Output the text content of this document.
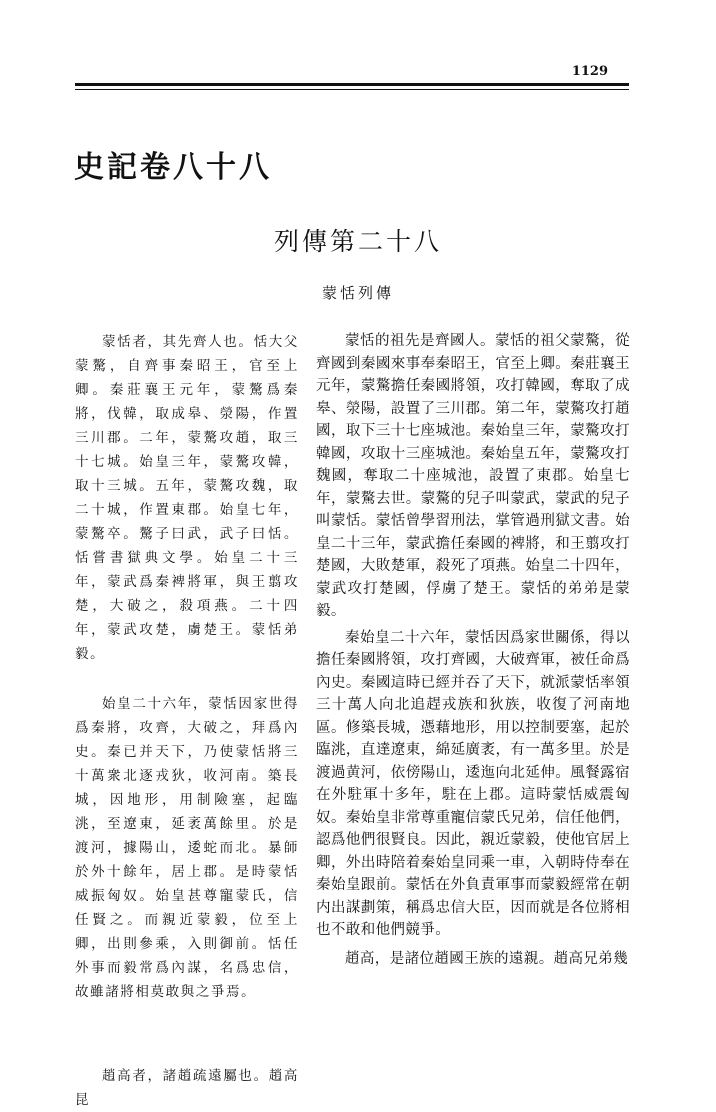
1129
史記卷八十八
列傳第二十八
蒙恬列傳

蒙恬者，其先齊人也。恬大父蒙驁，自齊事秦昭王，官至上卿。秦莊襄王元年，蒙驁爲秦將，伐韓，取成皋、滎陽，作置三川郡。二年，蒙驁攻趙，取三十七城。始皇三年，蒙驁攻韓，取十三城。五年，蒙驁攻魏，取二十城，作置東郡。始皇七年，蒙驁卒。驁子曰武，武子曰恬。恬嘗書獄典文學。始皇二十三年，蒙武爲秦裨將軍，與王翦攻楚，大破之，殺項燕。二十四年，蒙武攻楚，虜楚王。蒙恬弟毅。

始皇二十六年，蒙恬因家世得爲秦將，攻齊，大破之，拜爲內史。秦已并天下，乃使蒙恬將三十萬衆北逐戎狄，收河南。築長城，因地形，用制險塞，起臨洮，至遼東，延袤萬餘里。於是渡河，據陽山，逶蛇而北。暴師於外十餘年，居上郡。是時蒙恬威振匈奴。始皇甚尊寵蒙氏，信任賢之。而親近蒙毅，位至上卿，出則參乘，入則御前。恬任外事而毅常爲內謀，名爲忠信，故雖諸將相莫敢與之爭焉。

趙高者，諸趙疏遠屬也。趙高昆

蒙恬的祖先是齊國人。蒙恬的祖父蒙驁，從齊國到秦國來事奉秦昭王，官至上卿。秦莊襄王元年，蒙驁擔任秦國將領，攻打韓國，奪取了成皋、滎陽，設置了三川郡。第二年，蒙驁攻打趙國，取下三十七座城池。秦始皇三年，蒙驁攻打韓國，攻取十三座城池。秦始皇五年，蒙驁攻打魏國，奪取二十座城池，設置了東郡。始皇七年，蒙驁去世。蒙驁的兒子叫蒙武，蒙武的兒子叫蒙恬。蒙恬曾學習刑法，掌管過刑獄文書。始皇二十三年，蒙武擔任秦國的裨將，和王翦攻打楚國，大敗楚軍，殺死了項燕。始皇二十四年，蒙武攻打楚國，俘虜了楚王。蒙恬的弟弟是蒙毅。

秦始皇二十六年，蒙恬因爲家世關係，得以擔任秦國將領，攻打齊國，大破齊軍，被任命爲內史。秦國這時已經并吞了天下，就派蒙恬率領三十萬人向北追趕戎族和狄族，收復了河南地區。修築長城，憑藉地形，用以控制要塞，起於臨洮，直達遼東，綿延廣袤，有一萬多里。於是渡過黄河，依傍陽山，逶迤向北延伸。風餐露宿在外駐軍十多年，駐在上郡。這時蒙恬威震匈奴。秦始皇非常尊重寵信蒙氏兄弟，信任他們，認爲他們很賢良。因此，親近蒙毅，使他官居上卿，外出時陪着秦始皇同乘一車，入朝時侍奉在秦始皇跟前。蒙恬在外負責軍事而蒙毅經常在朝内出謀劃策，稱爲忠信大臣，因而就是各位將相也不敢和他們競爭。

趙高，是諸位趙國王族的遠親。趙高兄弟幾
